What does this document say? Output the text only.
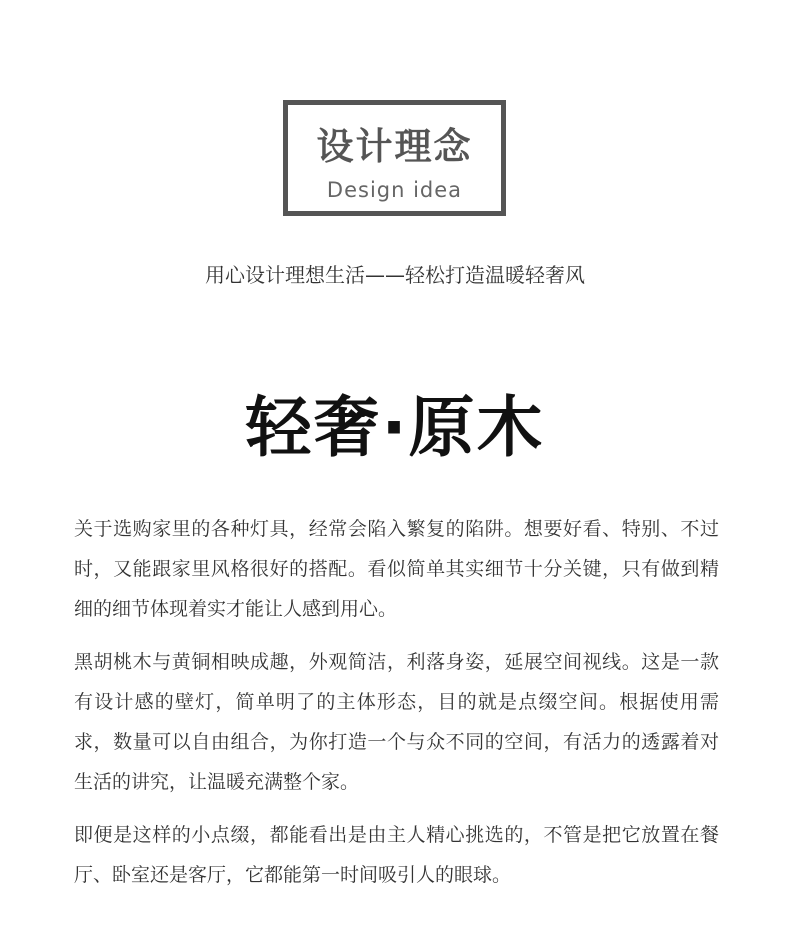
设计理念
Design idea
用心设计理想生活——轻松打造温暖轻奢风
轻奢·原木

关于选购家里的各种灯具，经常会陷入繁复的陷阱。想要好看、特别、不过时，又能跟家里风格很好的搭配。看似简单其实细节十分关键，只有做到精细的细节体现着实才能让人感到用心。

黑胡桃木与黄铜相映成趣，外观简洁，利落身姿，延展空间视线。这是一款有设计感的壁灯，简单明了的主体形态，目的就是点缀空间。根据使用需求，数量可以自由组合，为你打造一个与众不同的空间，有活力的透露着对生活的讲究，让温暖充满整个家。

即便是这样的小点缀，都能看出是由主人精心挑选的，不管是把它放置在餐厅、卧室还是客厅，它都能第一时间吸引人的眼球。
